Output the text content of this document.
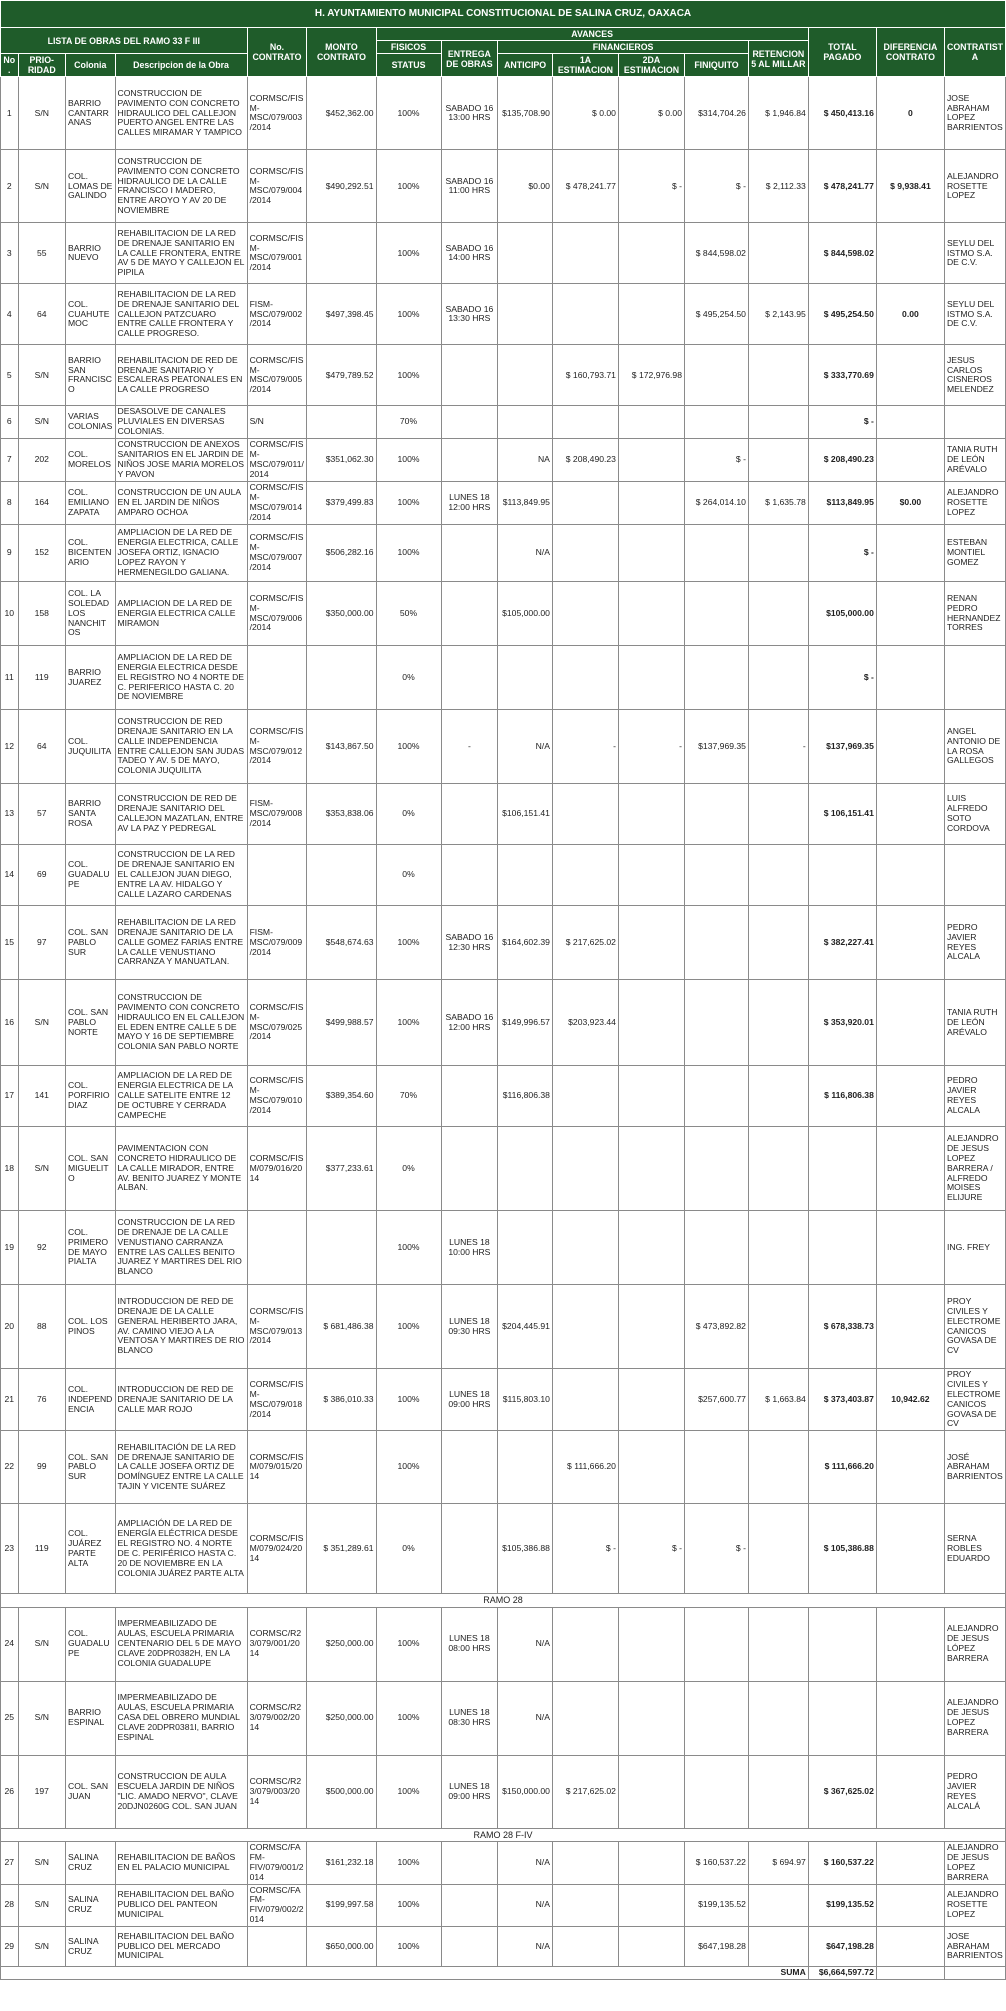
H. AYUNTAMIENTO MUNICIPAL CONSTITUCIONAL DE SALINA CRUZ, OAXACA															
LISTA DE OBRAS DEL RAMO 33 F III				No. CONTRATO	MONTO CONTRATO	AVANCES							TOTAL PAGADO	DIFERENCIA CONTRATO	CONTRATISTA
						FISICOS	ENTREGA DE OBRAS	FINANCIEROS				RETENCION 5 AL MILLAR			
No.	PRIO-RIDAD	Colonia	Descripcion de la Obra			STATUS		ANTICIPO	1A ESTIMACION	2DA ESTIMACION	FINIQUITO				
1	S/N	BARRIO CANTARRANAS	CONSTRUCCION DE PAVIMENTO CON CONCRETO HIDRAULICO DEL CALLEJON PUERTO ANGEL ENTRE LAS CALLES MIRAMAR Y TAMPICO	CORMSC/FISM-MSC/079/003/2014	$452,362.00	100%	SABADO 16 13:00 HRS	$135,708.90	$ 0.00	$ 0.00	$314,704.26	$ 1,946.84	$ 450,413.16	0	JOSE ABRAHAM LOPEZ BARRIENTOS
2	S/N	COL. LOMAS DE GALINDO	CONSTRUCCION DE PAVIMENTO CON CONCRETO HIDRAULICO DE LA CALLE FRANCISCO I MADERO, ENTRE AROYO Y AV 20 DE NOVIEMBRE	CORMSC/FISM-MSC/079/004/2014	$490,292.51	100%	SABADO 16 11:00 HRS	$0.00	$ 478,241.77	$ -	$ -	$ 2,112.33	$ 478,241.77	$ 9,938.41	ALEJANDRO ROSETTE LOPEZ
3	55	BARRIO NUEVO	REHABILITACION DE LA RED DE DRENAJE SANITARIO EN LA CALLE FRONTERA, ENTRE AV 5 DE MAYO Y CALLEJON EL PIPILA	CORMSC/FISM-MSC/079/001/2014		100%	SABADO 16 14:00 HRS				$ 844,598.02		$ 844,598.02		SEYLU DEL ISTMO S.A. DE C.V.
4	64	COL. CUAHUTEMOC	REHABILITACION DE LA RED DE DRENAJE SANITARIO DEL CALLEJON PATZCUARO ENTRE CALLE FRONTERA Y CALLE PROGRESO.	FISM-MSC/079/002/2014	$497,398.45	100%	SABADO 16 13:30 HRS				$ 495,254.50	$ 2,143.95	$ 495,254.50	0.00	SEYLU DEL ISTMO S.A. DE C.V.
5	S/N	BARRIO SAN FRANCISCO	REHABILITACION DE RED DE DRENAJE SANITARIO Y ESCALERAS PEATONALES EN LA CALLE PROGRESO	CORMSC/FISM-MSC/079/005/2014	$479,789.52	100%			$ 160,793.71	$ 172,976.98			$ 333,770.69		JESUS CARLOS CISNEROS MELENDEZ
6	S/N	VARIAS COLONIAS	DESASOLVE DE CANALES PLUVIALES EN DIVERSAS COLONIAS.	S/N		70%							$ -		
7	202	COL. MORELOS	CONSTRUCCION DE ANEXOS SANITARIOS EN EL JARDIN DE NIÑOS JOSE MARIA MORELOS Y PAVON	CORMSC/FISM-MSC/079/011/2014	$351,062.30	100%		NA	$ 208,490.23		$ -		$ 208,490.23		TANIA RUTH DE LEÓN ARÉVALO
8	164	COL. EMILIANO ZAPATA	CONSTRUCCION DE UN AULA EN EL JARDIN DE NIÑOS AMPARO OCHOA	CORMSC/FISM-MSC/079/014/2014	$379,499.83	100%	LUNES 18 12:00 HRS	$113,849.95			$ 264,014.10	$ 1,635.78	$113,849.95	$0.00	ALEJANDRO ROSETTE LOPEZ
9	152	COL. BICENTENARIO	AMPLIACION DE LA RED DE ENERGIA ELECTRICA, CALLE JOSEFA ORTIZ, IGNACIO LOPEZ RAYON Y HERMENEGILDO GALIANA.	CORMSC/FISM-MSC/079/007/2014	$506,282.16	100%		N/A					$ -		ESTEBAN MONTIEL GOMEZ
10	158	COL. LA SOLEDAD LOS NANCHITOS	AMPLIACION DE LA RED DE ENERGIA ELECTRICA CALLE MIRAMON	CORMSC/FISM-MSC/079/006/2014	$350,000.00	50%		$105,000.00					$105,000.00		RENAN PEDRO HERNANDEZ TORRES
11	119	BARRIO JUAREZ	AMPLIACION DE LA RED DE ENERGIA ELECTRICA DESDE EL REGISTRO NO 4 NORTE DE C. PERIFERICO HASTA C. 20 DE NOVIEMBRE			0%							$ -		
12	64	COL. JUQUILITA	CONSTRUCCION DE RED DRENAJE SANITARIO EN LA CALLE INDEPENDENCIA ENTRE CALLEJON SAN JUDAS TADEO Y AV. 5 DE MAYO, COLONIA JUQUILITA	CORMSC/FISM-MSC/079/012/2014	$143,867.50	100%	-	N/A	-	-	$137,969.35	-	$137,969.35		ANGEL ANTONIO DE LA ROSA GALLEGOS
13	57	BARRIO SANTA ROSA	CONSTRUCCION DE RED DE DRENAJE SANITARIO DEL CALLEJON MAZATLAN, ENTRE AV LA PAZ Y PEDREGAL	FISM-MSC/079/008/2014	$353,838.06	0%		$106,151.41					$ 106,151.41		LUIS ALFREDO SOTO CORDOVA
14	69	COL. GUADALUPE	CONSTRUCCION DE LA RED DE DRENAJE SANITARIO EN EL CALLEJON JUAN DIEGO, ENTRE LA AV. HIDALGO Y CALLE LAZARO CARDENAS			0%									
15	97	COL. SAN PABLO SUR	REHABILITACION DE LA RED DRENAJE SANITARIO DE LA CALLE GOMEZ FARIAS ENTRE LA CALLE VENUSTIANO CARRANZA Y MANUATLAN.	FISM-MSC/079/009/2014	$548,674.63	100%	SABADO 16 12:30 HRS	$164,602.39	$ 217,625.02				$ 382,227.41		PEDRO JAVIER REYES ALCALA
16	S/N	COL. SAN PABLO NORTE	CONSTRUCCION DE PAVIMENTO CON CONCRETO HIDRAULICO EN EL CALLEJON EL EDEN ENTRE CALLE 5 DE MAYO Y 16 DE SEPTIEMBRE COLONIA SAN PABLO NORTE	CORMSC/FISM-MSC/079/025/2014	$499,988.57	100%	SABADO 16 12:00 HRS	$149,996.57	$203,923.44				$ 353,920.01		TANIA RUTH DE LEÓN ARÉVALO
17	141	COL. PORFIRIO DIAZ	AMPLIACION DE LA RED DE ENERGIA ELECTRICA DE LA CALLE SATELITE ENTRE 12 DE OCTUBRE Y CERRADA CAMPECHE	CORMSC/FISM-MSC/079/010/2014	$389,354.60	70%		$116,806.38					$ 116,806.38		PEDRO JAVIER REYES ALCALA
18	S/N	COL. SAN MIGUELITO	PAVIMENTACION CON CONCRETO HIDRAULICO DE LA CALLE MIRADOR, ENTRE AV. BENITO JUAREZ Y MONTE ALBAN.	CORMSC/FISM/079/016/2014	$377,233.61	0%									ALEJANDRO DE JESUS LOPEZ BARRERA / ALFREDO MOISES ELIJURE
19	92	COL. PRIMERO DE MAYO PIALTA	CONSTRUCCION DE LA RED DE DRENAJE DE LA CALLE VENUSTIANO CARRANZA ENTRE LAS CALLES BENITO JUAREZ Y MARTIRES DEL RIO BLANCO			100%	LUNES 18 10:00 HRS								ING. FREY
20	88	COL. LOS PINOS	INTRODUCCION DE RED DE DRENAJE DE LA CALLE GENERAL HERIBERTO JARA, AV. CAMINO VIEJO A LA VENTOSA Y MARTIRES DE RIO BLANCO	CORMSC/FISM-MSC/079/013/2014	$ 681,486.38	100%	LUNES 18 09:30 HRS	$204,445.91			$ 473,892.82		$ 678,338.73		PROY CIVILES Y ELECTROMECANICOS GOVASA DE CV
21	76	COL. INDEPENDENCIA	INTRODUCCION DE RED DE DRENAJE SANITARIO DE LA CALLE MAR ROJO	CORMSC/FISM-MSC/079/018/2014	$ 386,010.33	100%	LUNES 18 09:00 HRS	$115,803.10			$257,600.77	$ 1,663.84	$ 373,403.87	10,942.62	PROY CIVILES Y ELECTROMECANICOS GOVASA DE CV
22	99	COL. SAN PABLO SUR	REHABILITACIÓN DE LA RED DE DRENAJE SANITARIO DE LA CALLE JOSEFA ORTIZ DE DOMÍNGUEZ ENTRE LA CALLE TAJIN Y VICENTE SUÁREZ	CORMSC/FISM/079/015/2014		100%			$ 111,666.20				$ 111,666.20		JOSÉ ABRAHAM BARRIENTOS
23	119	COL. JUÁREZ PARTE ALTA	AMPLIACIÓN DE LA RED DE ENERGÍA ELÉCTRICA DESDE EL REGISTRO NO. 4 NORTE DE C. PERIFÉRICO HASTA C. 20 DE NOVIEMBRE EN LA COLONIA JUÁREZ PARTE ALTA	CORMSC/FISM/079/024/2014	$ 351,289.61	0%		$105,386.88	$ -	$ -	$ -		$ 105,386.88		SERNA ROBLES EDUARDO
RAMO 28															
24	S/N	COL. GUADALUPE	IMPERMEABILIZADO DE AULAS, ESCUELA PRIMARIA CENTENARIO DEL 5 DE MAYO CLAVE 20DPR0382H, EN LA COLONIA GUADALUPE	CORMSC/R23/079/001/2014	$250,000.00	100%	LUNES 18 08:00 HRS	N/A							ALEJANDRO DE JESUS LÓPEZ BARRERA
25	S/N	BARRIO ESPINAL	IMPERMEABILIZADO DE AULAS, ESCUELA PRIMARIA CASA DEL OBRERO MUNDIAL CLAVE 20DPR0381I, BARRIO ESPINAL	CORMSC/R23/079/002/2014	$250,000.00	100%	LUNES 18 08:30 HRS	N/A							ALEJANDRO DE JESUS LOPEZ BARRERA
26	197	COL. SAN JUAN	CONSTRUCCION DE AULA ESCUELA JARDIN DE NIÑOS "LIC. AMADO NERVO", CLAVE 20DJN0260G COL. SAN JUAN	CORMSC/R23/079/003/2014	$500,000.00	100%	LUNES 18 09:00 HRS	$150,000.00	$ 217,625.02				$ 367,625.02		PEDRO JAVIER REYES ALCALÁ
RAMO 28 F-IV															
27	S/N	SALINA CRUZ	REHABILITACION DE BAÑOS EN EL PALACIO MUNICIPAL	CORMSC/FAFM-FIV/079/001/2014	$161,232.18	100%		N/A			$ 160,537.22	$ 694.97	$ 160,537.22		ALEJANDRO DE JESUS LOPEZ BARRERA
28	S/N	SALINA CRUZ	REHABILITACION DEL BAÑO PUBLICO DEL PANTEON MUNICIPAL	CORMSC/FAFM-FIV/079/002/2014	$199,997.58	100%		N/A			$199,135.52		$199,135.52		ALEJANDRO ROSETTE LOPEZ
29	S/N	SALINA CRUZ	REHABILITACION DEL BAÑO PUBLICO DEL MERCADO MUNICIPAL		$650,000.00	100%		N/A			$647,198.28		$647,198.28		JOSE ABRAHAM BARRIENTOS
												SUMA	$6,664,597.72		
